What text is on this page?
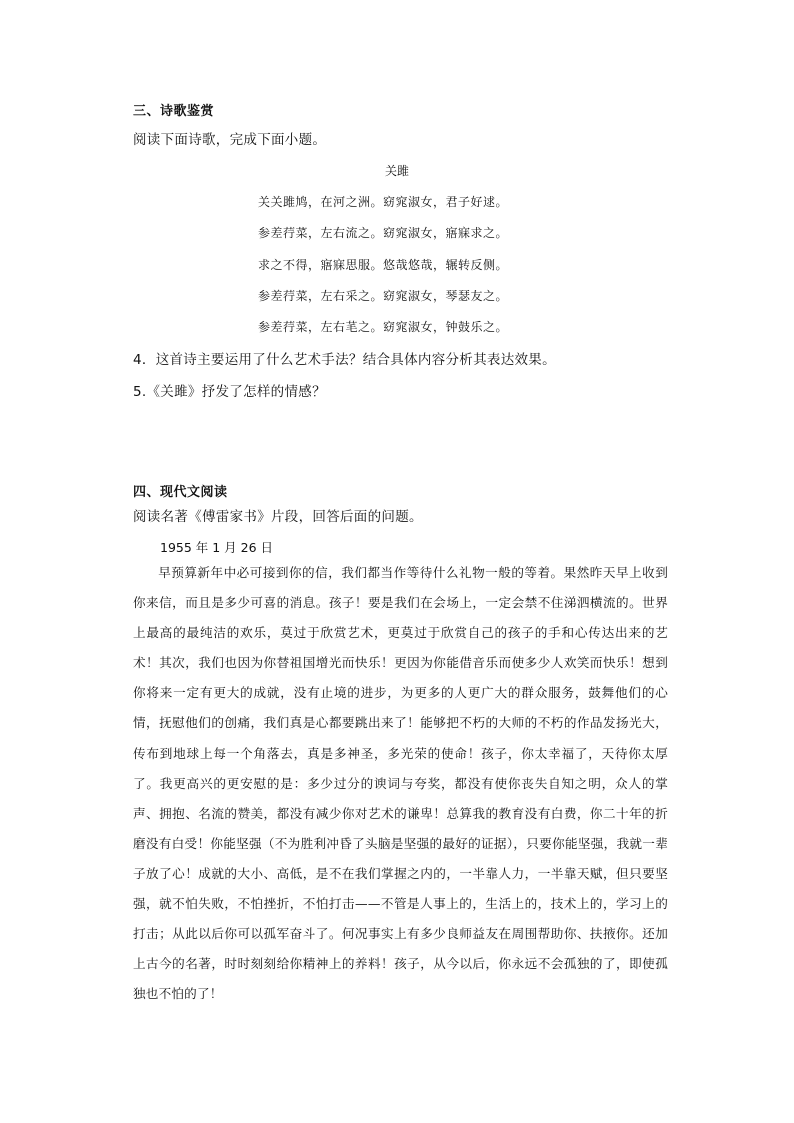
三、诗歌鉴赏
阅读下面诗歌，完成下面小题。
关雎
关关雎鸠，在河之洲。窈窕淑女，君子好逑。
参差荇菜，左右流之。窈窕淑女，寤寐求之。
求之不得，寤寐思服。悠哉悠哉，辗转反侧。
参差荇菜，左右采之。窈窕淑女，琴瑟友之。
参差荇菜，左右芼之。窈窕淑女，钟鼓乐之。
4．这首诗主要运用了什么艺术手法？结合具体内容分析其表达效果。
5.《关雎》抒发了怎样的情感？
四、现代文阅读
阅读名著《傅雷家书》片段，回答后面的问题。
1955 年 1 月 26 日

早预算新年中必可接到你的信，我们都当作等待什么礼物一般的等着。果然昨天早上收到你来信，而且是多少可喜的消息。孩子！要是我们在会场上，一定会禁不住涕泗横流的。世界上最高的最纯洁的欢乐，莫过于欣赏艺术，更莫过于欣赏自己的孩子的手和心传达出来的艺术！其次，我们也因为你替祖国增光而快乐！更因为你能借音乐而使多少人欢笑而快乐！想到你将来一定有更大的成就，没有止境的进步，为更多的人更广大的群众服务，鼓舞他们的心情，抚慰他们的创痛，我们真是心都要跳出来了！能够把不朽的大师的不朽的作品发扬光大，传布到地球上每一个角落去，真是多神圣，多光荣的使命！孩子，你太幸福了，天待你太厚了。我更高兴的更安慰的是：多少过分的谀词与夸奖，都没有使你丧失自知之明，众人的掌声、拥抱、名流的赞美，都没有减少你对艺术的谦卑！总算我的教育没有白费，你二十年的折磨没有白受！你能坚强（不为胜利冲昏了头脑是坚强的最好的证据），只要你能坚强，我就一辈子放了心！成就的大小、高低，是不在我们掌握之内的，一半靠人力，一半靠天赋，但只要坚强，就不怕失败，不怕挫折，不怕打击——不管是人事上的，生活上的，技术上的，学习上的打击；从此以后你可以孤军奋斗了。何况事实上有多少良师益友在周围帮助你、扶掖你。还加上古今的名著，时时刻刻给你精神上的养料！孩子，从今以后，你永远不会孤独的了，即使孤独也不怕的了！
